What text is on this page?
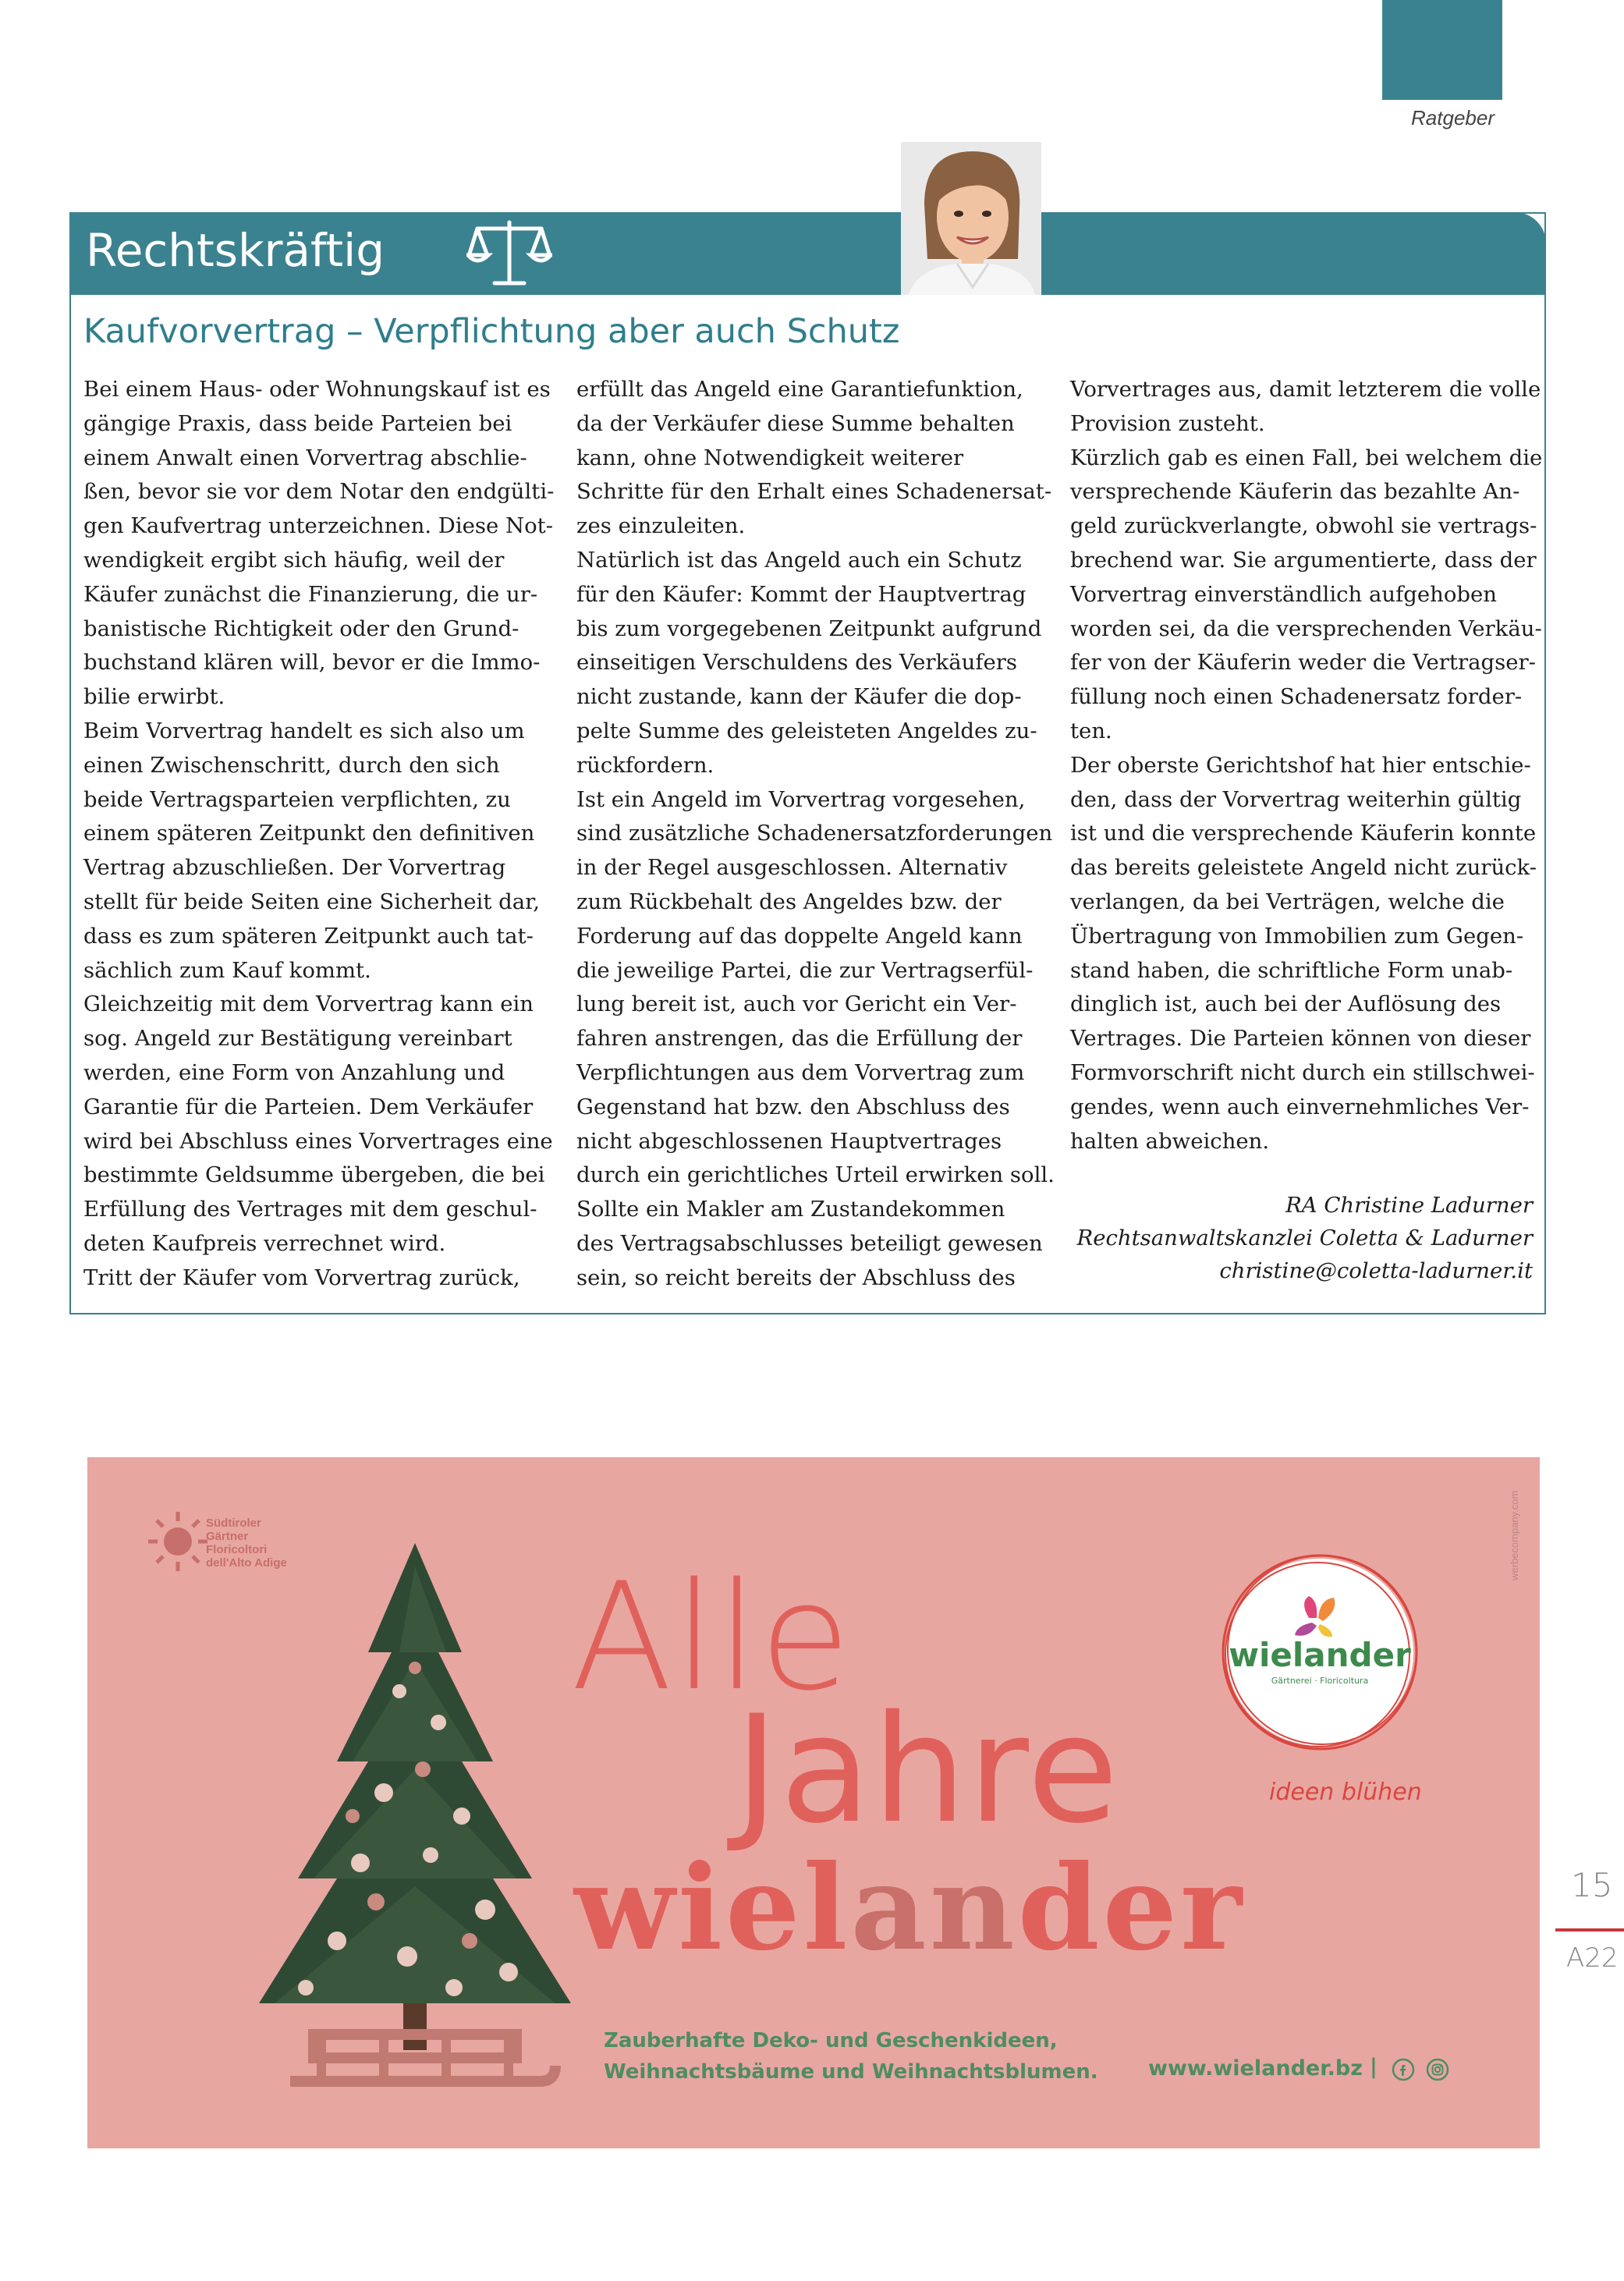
Ratgeber
Rechtskräftig
Kaufvorvertrag – Verpflichtung aber auch Schutz
Bei einem Haus- oder Wohnungskauf ist es
gängige Praxis, dass beide Parteien bei
einem Anwalt einen Vorvertrag abschlie-
ßen, bevor sie vor dem Notar den endgülti-
gen Kaufvertrag unterzeichnen. Diese Not-
wendigkeit ergibt sich häufig, weil der
Käufer zunächst die Finanzierung, die ur-
banistische Richtigkeit oder den Grund-
buchstand klären will, bevor er die Immo-
bilie erwirbt.
Beim Vorvertrag handelt es sich also um
einen Zwischenschritt, durch den sich
beide Vertragsparteien verpflichten, zu
einem späteren Zeitpunkt den definitiven
Vertrag abzuschließen. Der Vorvertrag
stellt für beide Seiten eine Sicherheit dar,
dass es zum späteren Zeitpunkt auch tat-
sächlich zum Kauf kommt.
Gleichzeitig mit dem Vorvertrag kann ein
sog. Angeld zur Bestätigung vereinbart
werden, eine Form von Anzahlung und
Garantie für die Parteien. Dem Verkäufer
wird bei Abschluss eines Vorvertrages eine
bestimmte Geldsumme übergeben, die bei
Erfüllung des Vertrages mit dem geschul-
deten Kaufpreis verrechnet wird.
Tritt der Käufer vom Vorvertrag zurück,
erfüllt das Angeld eine Garantiefunktion,
da der Verkäufer diese Summe behalten
kann, ohne Notwendigkeit weiterer
Schritte für den Erhalt eines Schadenersat-
zes einzuleiten.
Natürlich ist das Angeld auch ein Schutz
für den Käufer: Kommt der Hauptvertrag
bis zum vorgegebenen Zeitpunkt aufgrund
einseitigen Verschuldens des Verkäufers
nicht zustande, kann der Käufer die dop-
pelte Summe des geleisteten Angeldes zu-
rückfordern.
Ist ein Angeld im Vorvertrag vorgesehen,
sind zusätzliche Schadenersatzforderungen
in der Regel ausgeschlossen. Alternativ
zum Rückbehalt des Angeldes bzw. der
Forderung auf das doppelte Angeld kann
die jeweilige Partei, die zur Vertragserfül-
lung bereit ist, auch vor Gericht ein Ver-
fahren anstrengen, das die Erfüllung der
Verpflichtungen aus dem Vorvertrag zum
Gegenstand hat bzw. den Abschluss des
nicht abgeschlossenen Hauptvertrages
durch ein gerichtliches Urteil erwirken soll.
Sollte ein Makler am Zustandekommen
des Vertragsabschlusses beteiligt gewesen
sein, so reicht bereits der Abschluss des
Vorvertrages aus, damit letzterem die volle
Provision zusteht.
Kürzlich gab es einen Fall, bei welchem die
versprechende Käuferin das bezahlte An-
geld zurückverlangte, obwohl sie vertrags-
brechend war. Sie argumentierte, dass der
Vorvertrag einverständlich aufgehoben
worden sei, da die versprechenden Verkäu-
fer von der Käuferin weder die Vertragser-
füllung noch einen Schadenersatz forder-
ten.
Der oberste Gerichtshof hat hier entschie-
den, dass der Vorvertrag weiterhin gültig
ist und die versprechende Käuferin konnte
das bereits geleistete Angeld nicht zurück-
verlangen, da bei Verträgen, welche die
Übertragung von Immobilien zum Gegen-
stand haben, die schriftliche Form unab-
dinglich ist, auch bei der Auflösung des
Vertrages. Die Parteien können von dieser
Formvorschrift nicht durch ein stillschwei-
gendes, wenn auch einvernehmliches Ver-
halten abweichen.
RA Christine Ladurner
Rechtsanwaltskanzlei Coletta & Ladurner
christine@coletta-ladurner.it
Südtiroler
Gärtner
Floricoltori
dell'Alto Adige	werbecompany.com
Alle
Jahre
wielander
wielander
Gärtnerei · Floricoltura
ideen blühen
Zauberhafte Deko- und Geschenkideen,
Weihnachtsbäume und Weihnachtsblumen. www.wielander.bz |
15
A22
